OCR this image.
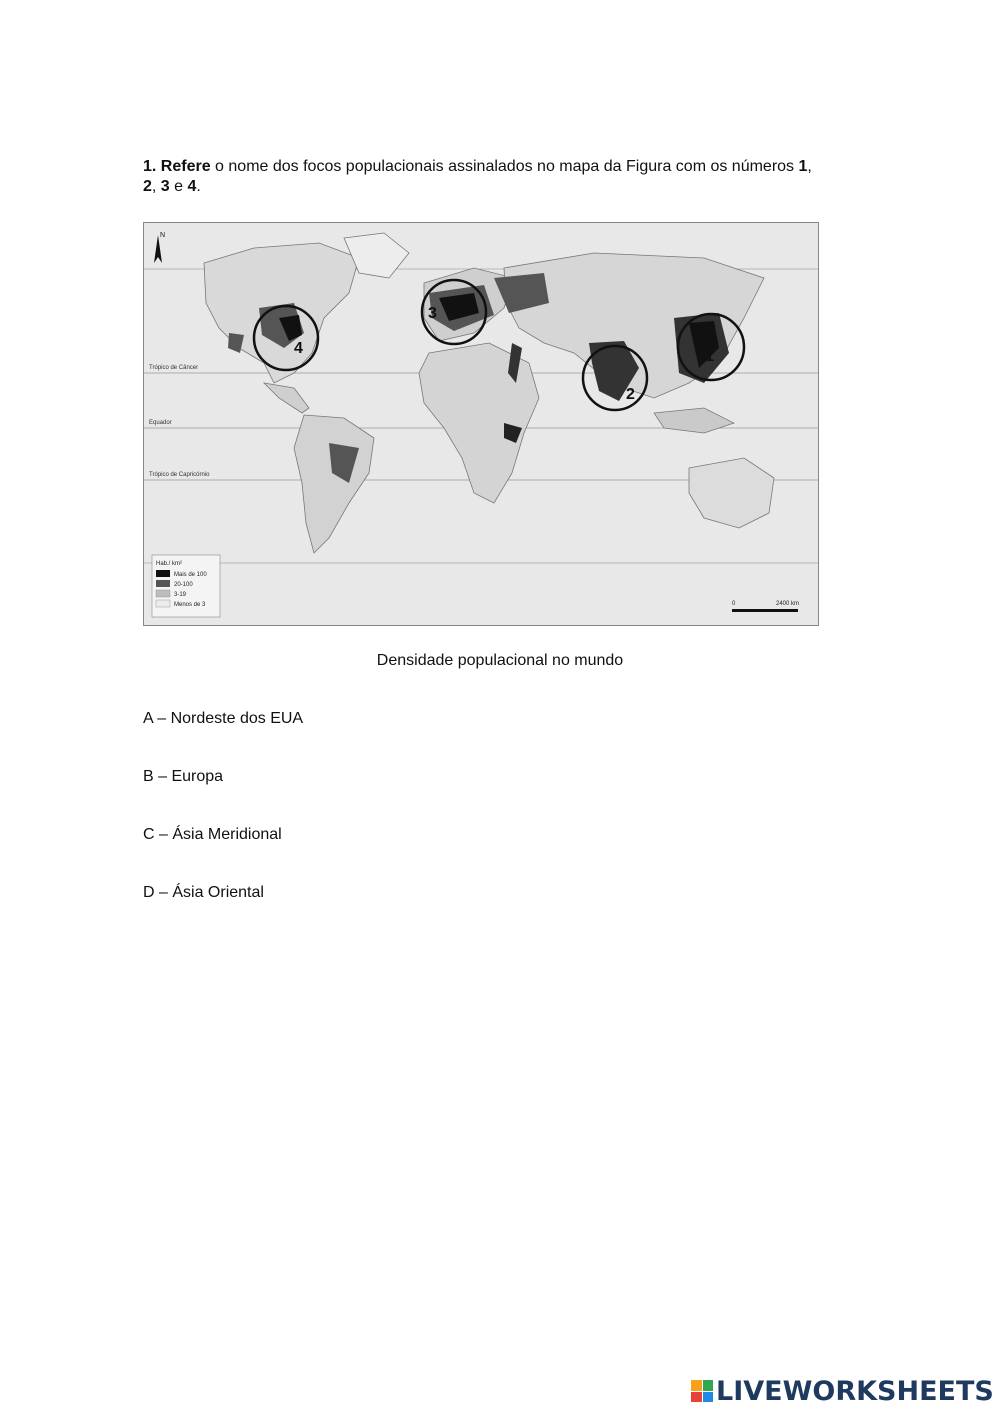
1. Refere o nome dos focos populacionais assinalados no mapa da Figura com os números 1,
2, 3 e 4.
1
2
3
4
Trópico de Câncer
Equador
Trópico de Capricórnio
N
Hab./ km²
Mais de 100
20-100
3-19
Menos de 3	0	2400 km
Densidade populacional no mundo
A – Nordeste dos EUA
B – Europa
C – Ásia Meridional
D – Ásia Oriental
LIVEWORKSHEETS
